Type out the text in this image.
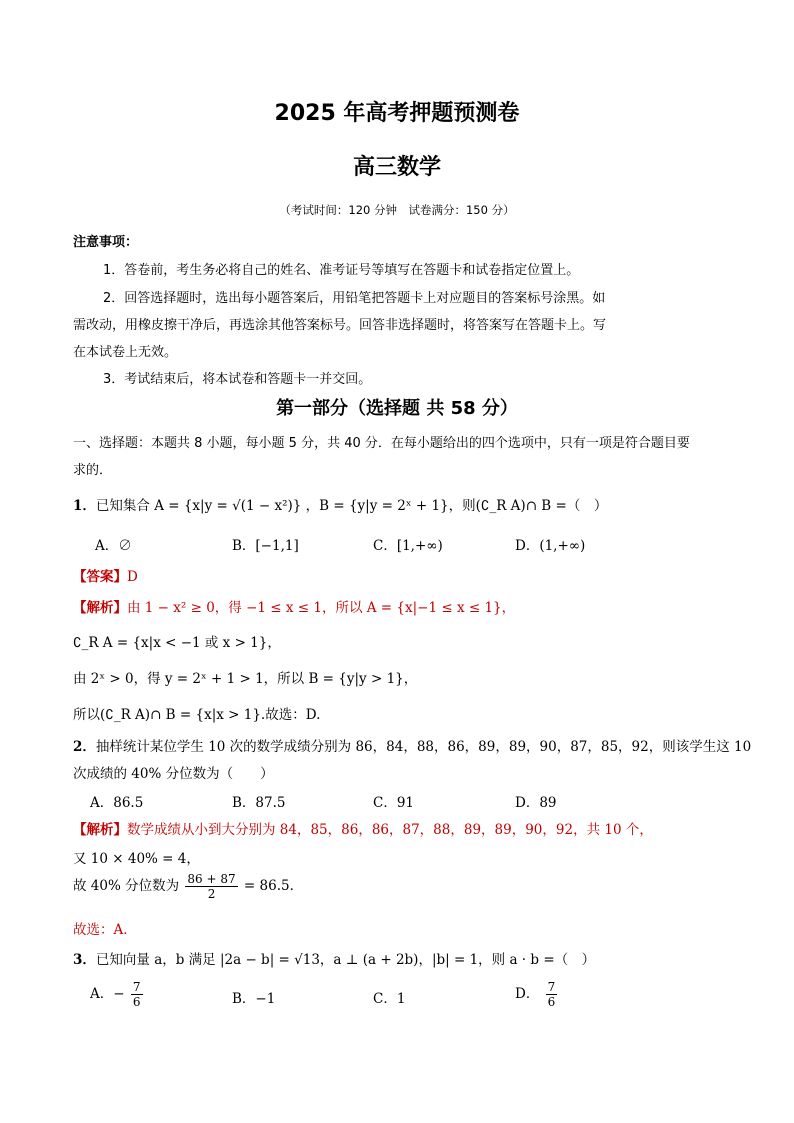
2025 年高考押题预测卷
高三数学
（考试时间：120 分钟　试卷满分：150 分）
注意事项：
1．答卷前，考生务必将自己的姓名、准考证号等填写在答题卡和试卷指定位置上。
2．回答选择题时，选出每小题答案后，用铅笔把答题卡上对应题目的答案标号涂黑。如
需改动，用橡皮擦干净后，再选涂其他答案标号。回答非选择题时，将答案写在答题卡上。写
在本试卷上无效。
3．考试结束后，将本试卷和答题卡一并交回。
第一部分（选择题 共 58 分）
一、选择题：本题共 8 小题，每小题 5 分，共 40 分．在每小题给出的四个选项中，只有一项是符合题目要
求的．
1．已知集合 A = {x|y = √(1 − x²)} ，B = {y|y = 2ˣ + 1}，则(∁_R A)∩ B =（　）
A．∅	B．[−1,1]	C．[1,+∞)	D．(1,+∞)
【答案】D
【解析】由 1 − x² ≥ 0，得 −1 ≤ x ≤ 1，所以 A = {x|−1 ≤ x ≤ 1}，
∁_R A = {x|x < −1 或 x > 1}，
由 2ˣ > 0，得 y = 2ˣ + 1 > 1，所以 B = {y|y > 1}，
所以(∁_R A)∩ B = {x|x > 1}.故选：D.
2．抽样统计某位学生 10 次的数学成绩分别为 86，84，88，86，89，89，90，87，85，92，则该学生这 10
次成绩的 40% 分位数为（　　）
A．86.5	B．87.5	C．91	D．89
【解析】数学成绩从小到大分别为 84，85，86，86，87，88，89，89，90，92，共 10 个，
又 10 × 40% = 4，
故 40% 分位数为 $\frac{86 + 87}{2} = 86.5$．
故选：A．
3．已知向量 a，b 满足 |2a − b| = √13，a ⊥ (a + 2b)，|b| = 1，则 a · b =（　）
A．− $\frac{7}{6}$	B．−1	C．1	D． $\frac{7}{6}$
